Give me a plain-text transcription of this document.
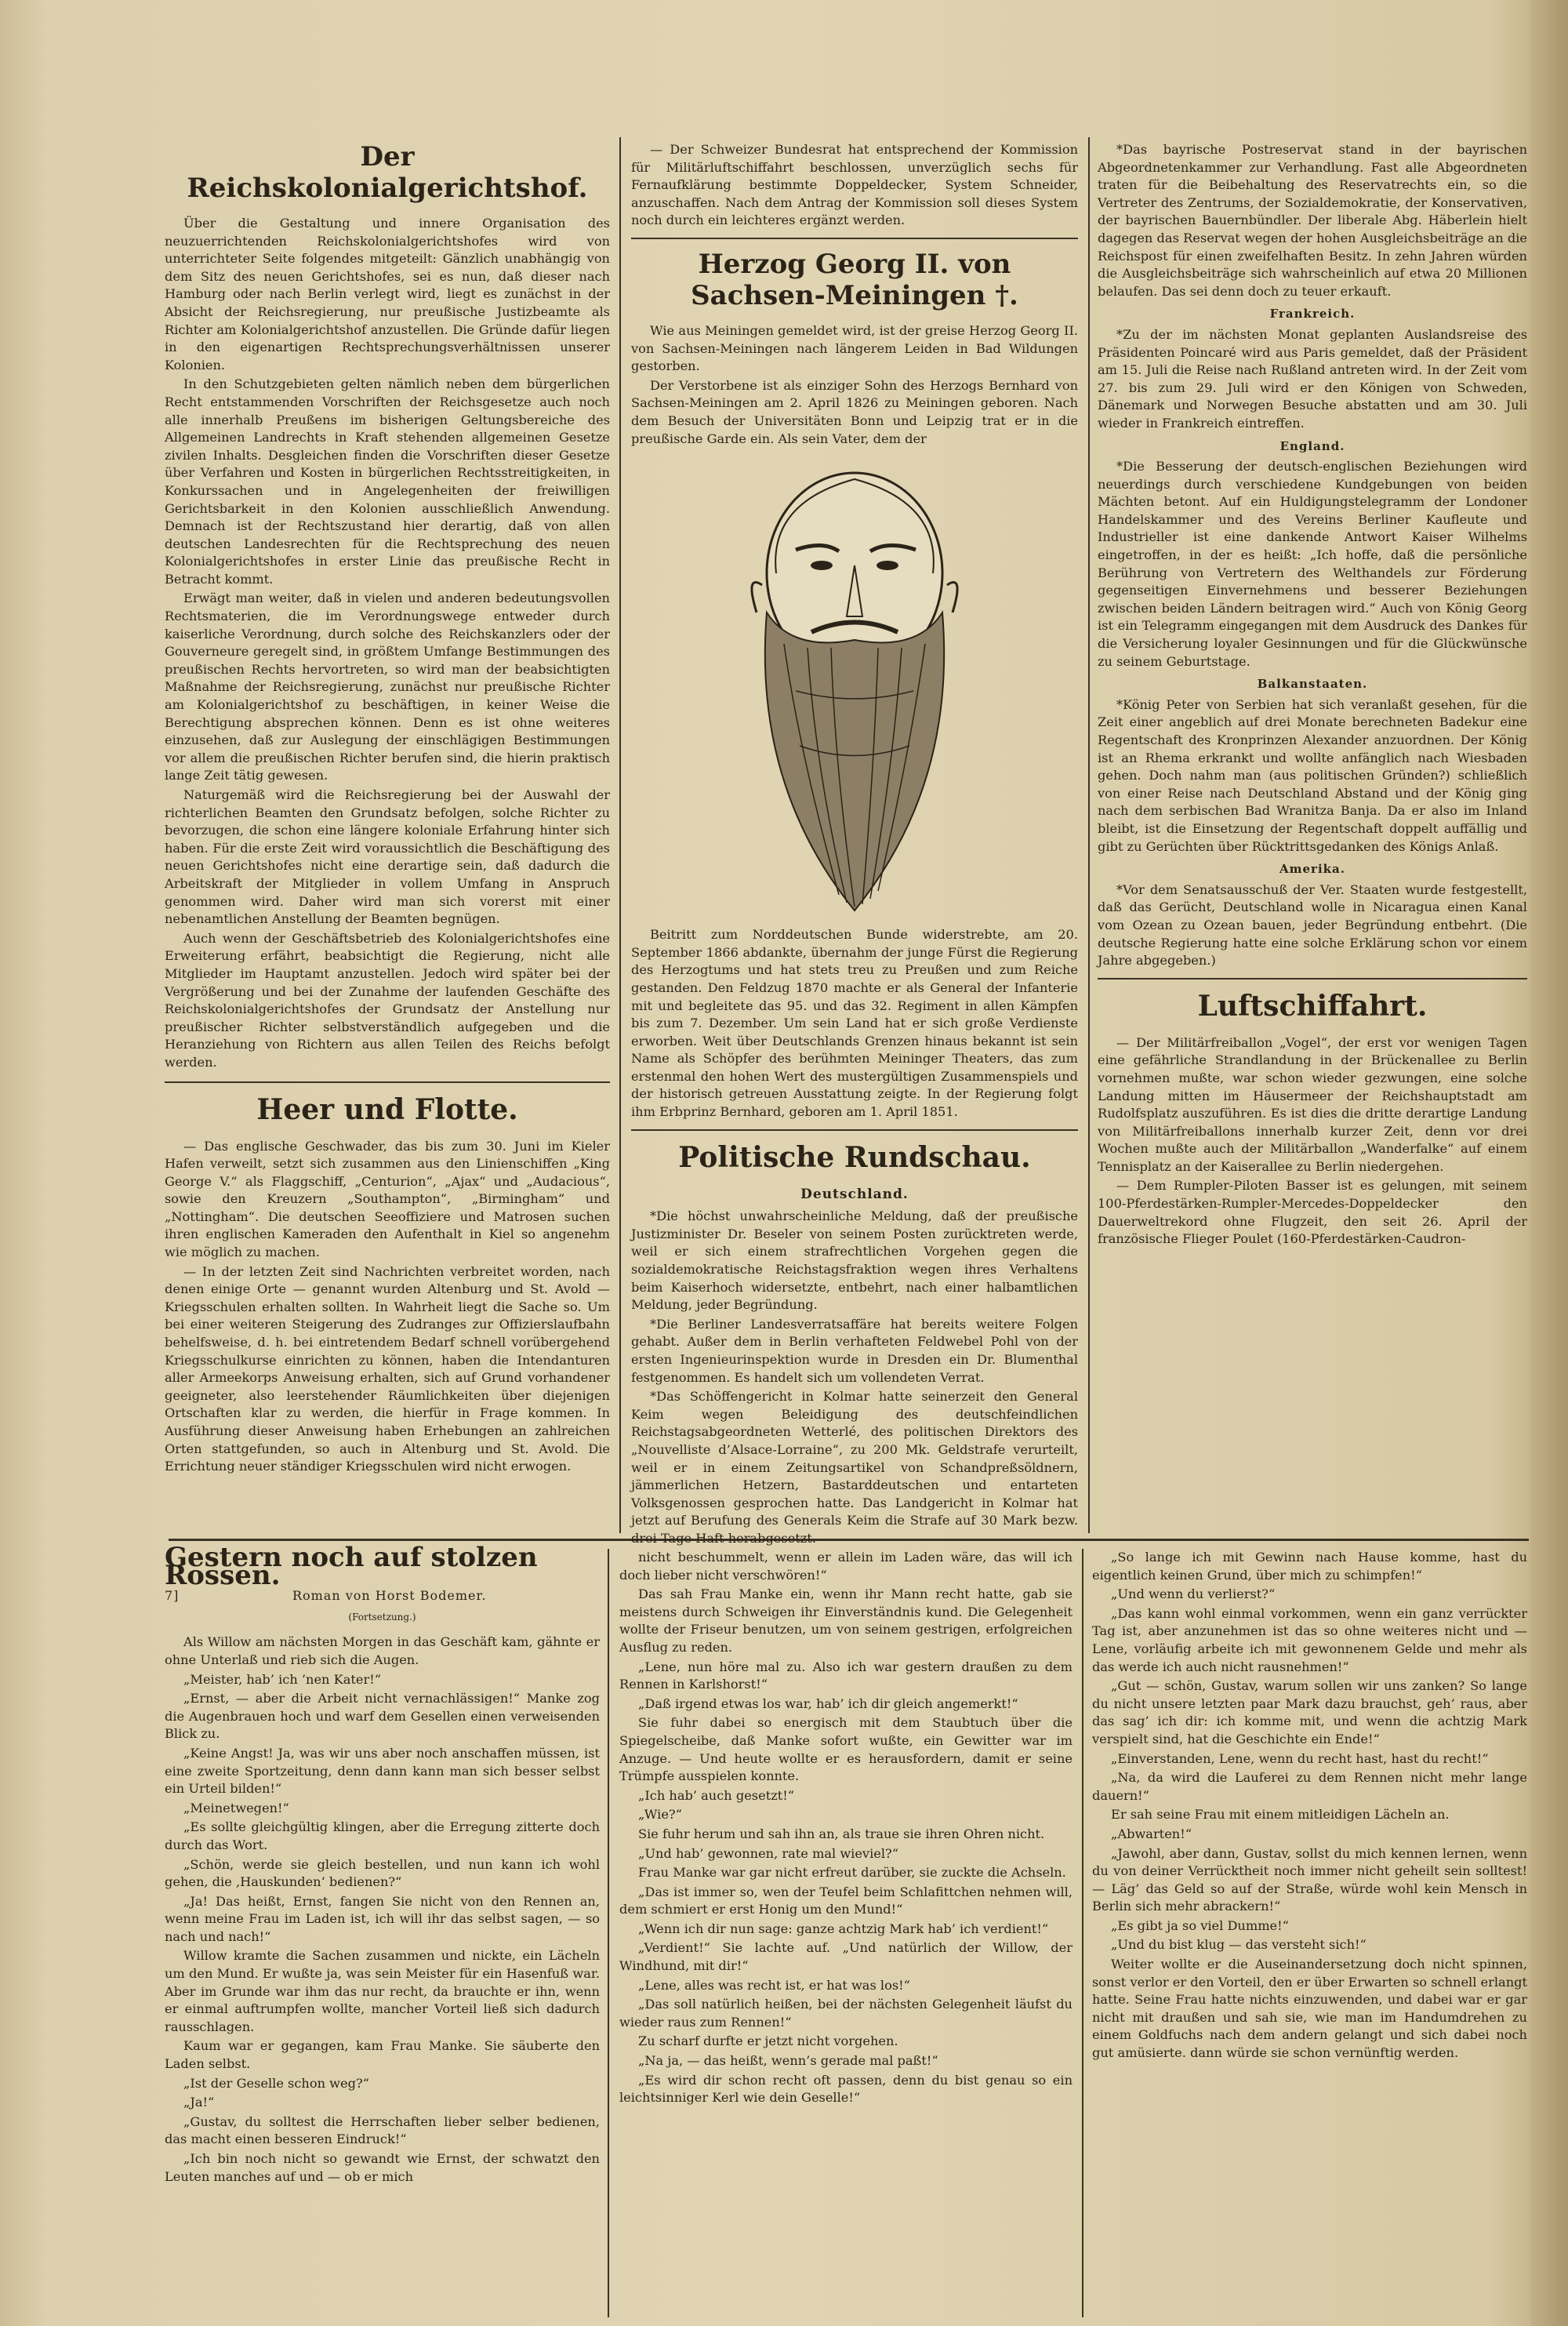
Der Reichskolonialgerichtshof.

Über die Gestaltung und innere Organisation des neuzuerrichtenden Reichskolonialgerichtshofes wird von unterrichteter Seite folgendes mitgeteilt: Gänzlich unabhängig von dem Sitz des neuen Gerichtshofes, sei es nun, daß dieser nach Hamburg oder nach Berlin verlegt wird, liegt es zunächst in der Absicht der Reichsregierung, nur preußische Justizbeamte als Richter am Kolonialgerichtshof anzustellen. Die Gründe dafür liegen in den eigenartigen Rechtsprechungsverhältnissen unserer Kolonien.

In den Schutzgebieten gelten nämlich neben dem bürgerlichen Recht entstammenden Vorschriften der Reichsgesetze auch noch alle innerhalb Preußens im bisherigen Geltungsbereiche des Allgemeinen Landrechts in Kraft stehenden allgemeinen Gesetze zivilen Inhalts. Desgleichen finden die Vorschriften dieser Gesetze über Verfahren und Kosten in bürgerlichen Rechtsstreitigkeiten, in Konkurssachen und in Angelegenheiten der freiwilligen Gerichtsbarkeit in den Kolonien ausschließlich Anwendung. Demnach ist der Rechtszustand hier derartig, daß von allen deutschen Landesrechten für die Rechtsprechung des neuen Kolonialgerichtshofes in erster Linie das preußische Recht in Betracht kommt.

Erwägt man weiter, daß in vielen und anderen bedeutungsvollen Rechtsmaterien, die im Verordnungswege entweder durch kaiserliche Verordnung, durch solche des Reichskanzlers oder der Gouverneure geregelt sind, in größtem Umfange Bestimmungen des preußischen Rechts hervortreten, so wird man der beabsichtigten Maßnahme der Reichsregierung, zunächst nur preußische Richter am Kolonialgerichtshof zu beschäftigen, in keiner Weise die Berechtigung absprechen können. Denn es ist ohne weiteres einzusehen, daß zur Auslegung der einschlägigen Bestimmungen vor allem die preußischen Richter berufen sind, die hierin praktisch lange Zeit tätig gewesen.

Naturgemäß wird die Reichsregierung bei der Auswahl der richterlichen Beamten den Grundsatz befolgen, solche Richter zu bevorzugen, die schon eine längere koloniale Erfahrung hinter sich haben. Für die erste Zeit wird voraussichtlich die Beschäftigung des neuen Gerichtshofes nicht eine derartige sein, daß dadurch die Arbeitskraft der Mitglieder in vollem Umfang in Anspruch genommen wird. Daher wird man sich vorerst mit einer nebenamtlichen Anstellung der Beamten begnügen.

Auch wenn der Geschäftsbetrieb des Kolonialgerichtshofes eine Erweiterung erfährt, beabsichtigt die Regierung, nicht alle Mitglieder im Hauptamt anzustellen. Jedoch wird später bei der Vergrößerung und bei der Zunahme der laufenden Geschäfte des Reichskolonialgerichtshofes der Grundsatz der Anstellung nur preußischer Richter selbstverständlich aufgegeben und die Heranziehung von Richtern aus allen Teilen des Reichs befolgt werden.

Heer und Flotte.

— Das englische Geschwader, das bis zum 30. Juni im Kieler Hafen verweilt, setzt sich zusammen aus den Linienschiffen „King George V.“ als Flaggschiff, „Centurion“, „Ajax“ und „Audacious“, sowie den Kreuzern „Southampton“, „Birmingham“ und „Nottingham“. Die deutschen Seeoffiziere und Matrosen suchen ihren englischen Kameraden den Aufenthalt in Kiel so angenehm wie möglich zu machen.

— In der letzten Zeit sind Nachrichten verbreitet worden, nach denen einige Orte — genannt wurden Altenburg und St. Avold — Kriegsschulen erhalten sollten. In Wahrheit liegt die Sache so. Um bei einer weiteren Steigerung des Zudranges zur Offizierslaufbahn behelfsweise, d. h. bei eintretendem Bedarf schnell vorübergehend Kriegsschulkurse einrichten zu können, haben die Intendanturen aller Armeekorps Anweisung erhalten, sich auf Grund vorhandener geeigneter, also leerstehender Räumlichkeiten über diejenigen Ortschaften klar zu werden, die hierfür in Frage kommen. In Ausführung dieser Anweisung haben Erhebungen an zahlreichen Orten stattgefunden, so auch in Altenburg und St. Avold. Die Errichtung neuer ständiger Kriegsschulen wird nicht erwogen.

— Der Schweizer Bundesrat hat entsprechend der Kommission für Militärluftschiffahrt beschlossen, unverzüglich sechs für Fernaufklärung bestimmte Doppeldecker, System Schneider, anzuschaffen. Nach dem Antrag der Kommission soll dieses System noch durch ein leichteres ergänzt werden.

Herzog Georg II. von Sachsen-Meiningen †.

Wie aus Meiningen gemeldet wird, ist der greise Herzog Georg II. von Sachsen-Meiningen nach längerem Leiden in Bad Wildungen gestorben.

Der Verstorbene ist als einziger Sohn des Herzogs Bernhard von Sachsen-Meiningen am 2. April 1826 zu Meiningen geboren. Nach dem Besuch der Universitäten Bonn und Leipzig trat er in die preußische Garde ein. Als sein Vater, dem der

Beitritt zum Norddeutschen Bunde widerstrebte, am 20. September 1866 abdankte, übernahm der junge Fürst die Regierung des Herzogtums und hat stets treu zu Preußen und zum Reiche gestanden. Den Feldzug 1870 machte er als General der Infanterie mit und begleitete das 95. und das 32. Regiment in allen Kämpfen bis zum 7. Dezember. Um sein Land hat er sich große Verdienste erworben. Weit über Deutschlands Grenzen hinaus bekannt ist sein Name als Schöpfer des berühmten Meininger Theaters, das zum erstenmal den hohen Wert des mustergültigen Zusammenspiels und der historisch getreuen Ausstattung zeigte. In der Regierung folgt ihm Erbprinz Bernhard, geboren am 1. April 1851.

Politische Rundschau.
Deutschland.

*Die höchst unwahrscheinliche Meldung, daß der preußische Justizminister Dr. Beseler von seinem Posten zurücktreten werde, weil er sich einem strafrechtlichen Vorgehen gegen die sozialdemokratische Reichstagsfraktion wegen ihres Verhaltens beim Kaiserhoch widersetzte, entbehrt, nach einer halbamtlichen Meldung, jeder Begründung.

*Die Berliner Landesverratsaffäre hat bereits weitere Folgen gehabt. Außer dem in Berlin verhafteten Feldwebel Pohl von der ersten Ingenieurinspektion wurde in Dresden ein Dr. Blumenthal festgenommen. Es handelt sich um vollendeten Verrat.

*Das Schöffengericht in Kolmar hatte seinerzeit den General Keim wegen Beleidigung des deutschfeindlichen Reichstagsabgeordneten Wetterlé, des politischen Direktors des „Nouvelliste d’Alsace-Lorraine“, zu 200 Mk. Geldstrafe verurteilt, weil er in einem Zeitungsartikel von Schandpreßsöldnern, jämmerlichen Hetzern, Bastarddeutschen und entarteten Volksgenossen gesprochen hatte. Das Landgericht in Kolmar hat jetzt auf Berufung des Generals Keim die Strafe auf 30 Mark bezw. drei Tage Haft herabgesetzt.

*Das bayrische Postreservat stand in der bayrischen Abgeordnetenkammer zur Verhandlung. Fast alle Abgeordneten traten für die Beibehaltung des Reservatrechts ein, so die Vertreter des Zentrums, der Sozialdemokratie, der Konservativen, der bayrischen Bauernbündler. Der liberale Abg. Häberlein hielt dagegen das Reservat wegen der hohen Ausgleichsbeiträge an die Reichspost für einen zweifelhaften Besitz. In zehn Jahren würden die Ausgleichsbeiträge sich wahrscheinlich auf etwa 20 Millionen belaufen. Das sei denn doch zu teuer erkauft.

Frankreich.

*Zu der im nächsten Monat geplanten Auslandsreise des Präsidenten Poincaré wird aus Paris gemeldet, daß der Präsident am 15. Juli die Reise nach Rußland antreten wird. In der Zeit vom 27. bis zum 29. Juli wird er den Königen von Schweden, Dänemark und Norwegen Besuche abstatten und am 30. Juli wieder in Frankreich eintreffen.

England.

*Die Besserung der deutsch-englischen Beziehungen wird neuerdings durch verschiedene Kundgebungen von beiden Mächten betont. Auf ein Huldigungstelegramm der Londoner Handelskammer und des Vereins Berliner Kaufleute und Industrieller ist eine dankende Antwort Kaiser Wilhelms eingetroffen, in der es heißt: „Ich hoffe, daß die persönliche Berührung von Vertretern des Welthandels zur Förderung gegenseitigen Einvernehmens und besserer Beziehungen zwischen beiden Ländern beitragen wird.“ Auch von König Georg ist ein Telegramm eingegangen mit dem Ausdruck des Dankes für die Versicherung loyaler Gesinnungen und für die Glückwünsche zu seinem Geburtstage.

Balkanstaaten.

*König Peter von Serbien hat sich veranlaßt gesehen, für die Zeit einer angeblich auf drei Monate berechneten Badekur eine Regentschaft des Kronprinzen Alexander anzuordnen. Der König ist an Rhema erkrankt und wollte anfänglich nach Wiesbaden gehen. Doch nahm man (aus politischen Gründen?) schließlich von einer Reise nach Deutschland Abstand und der König ging nach dem serbischen Bad Wranitza Banja. Da er also im Inland bleibt, ist die Einsetzung der Regentschaft doppelt auffällig und gibt zu Gerüchten über Rücktrittsgedanken des Königs Anlaß.

Amerika.

*Vor dem Senatsausschuß der Ver. Staaten wurde festgestellt, daß das Gerücht, Deutschland wolle in Nicaragua einen Kanal vom Ozean zu Ozean bauen, jeder Begründung entbehrt. (Die deutsche Regierung hatte eine solche Erklärung schon vor einem Jahre abgegeben.)

Luftschiffahrt.

— Der Militärfreiballon „Vogel“, der erst vor wenigen Tagen eine gefährliche Strandlandung in der Brückenallee zu Berlin vornehmen mußte, war schon wieder gezwungen, eine solche Landung mitten im Häusermeer der Reichshauptstadt am Rudolfsplatz auszuführen. Es ist dies die dritte derartige Landung von Militärfreiballons innerhalb kurzer Zeit, denn vor drei Wochen mußte auch der Militärballon „Wanderfalke“ auf einem Tennisplatz an der Kaiserallee zu Berlin niedergehen.

— Dem Rumpler-Piloten Basser ist es gelungen, mit seinem 100-Pferdestärken-Rumpler-Mercedes-Doppeldecker den Dauerweltrekord ohne Flugzeit, den seit 26. April der französische Flieger Poulet (160-Pferdestärken-Caudron-

Gestern noch auf stolzen Rossen.
7]	Roman von Horst Bodemer.
(Fortsetzung.)

Als Willow am nächsten Morgen in das Geschäft kam, gähnte er ohne Unterlaß und rieb sich die Augen.

„Meister, hab’ ich ’nen Kater!“

„Ernst, — aber die Arbeit nicht vernachlässigen!“ Manke zog die Augenbrauen hoch und warf dem Gesellen einen verweisenden Blick zu.

„Keine Angst! Ja, was wir uns aber noch anschaffen müssen, ist eine zweite Sportzeitung, denn dann kann man sich besser selbst ein Urteil bilden!“

„Meinetwegen!“

„Es sollte gleichgültig klingen, aber die Erregung zitterte doch durch das Wort.

„Schön, werde sie gleich bestellen, und nun kann ich wohl gehen, die ‚Hauskunden‘ bedienen?“

„Ja! Das heißt, Ernst, fangen Sie nicht von den Rennen an, wenn meine Frau im Laden ist, ich will ihr das selbst sagen, — so nach und nach!“

Willow kramte die Sachen zusammen und nickte, ein Lächeln um den Mund. Er wußte ja, was sein Meister für ein Hasenfuß war. Aber im Grunde war ihm das nur recht, da brauchte er ihn, wenn er einmal auftrumpfen wollte, mancher Vorteil ließ sich dadurch rausschlagen.

Kaum war er gegangen, kam Frau Manke. Sie säuberte den Laden selbst.

„Ist der Geselle schon weg?“

„Ja!“

„Gustav, du solltest die Herrschaften lieber selber bedienen, das macht einen besseren Eindruck!“

„Ich bin noch nicht so gewandt wie Ernst, der schwatzt den Leuten manches auf und — ob er mich

nicht beschummelt, wenn er allein im Laden wäre, das will ich doch lieber nicht verschwören!“

Das sah Frau Manke ein, wenn ihr Mann recht hatte, gab sie meistens durch Schweigen ihr Einverständnis kund. Die Gelegenheit wollte der Friseur benutzen, um von seinem gestrigen, erfolgreichen Ausflug zu reden.

„Lene, nun höre mal zu. Also ich war gestern draußen zu dem Rennen in Karlshorst!“

„Daß irgend etwas los war, hab’ ich dir gleich angemerkt!“

Sie fuhr dabei so energisch mit dem Staubtuch über die Spiegelscheibe, daß Manke sofort wußte, ein Gewitter war im Anzuge. — Und heute wollte er es herausfordern, damit er seine Trümpfe ausspielen konnte.

„Ich hab’ auch gesetzt!“

„Wie?“

Sie fuhr herum und sah ihn an, als traue sie ihren Ohren nicht.

„Und hab’ gewonnen, rate mal wieviel?“

Frau Manke war gar nicht erfreut darüber, sie zuckte die Achseln.

„Das ist immer so, wen der Teufel beim Schlafittchen nehmen will, dem schmiert er erst Honig um den Mund!“

„Wenn ich dir nun sage: ganze achtzig Mark hab’ ich verdient!“

„Verdient!“ Sie lachte auf. „Und natürlich der Willow, der Windhund, mit dir!“

„Lene, alles was recht ist, er hat was los!“

„Das soll natürlich heißen, bei der nächsten Gelegenheit läufst du wieder raus zum Rennen!“

Zu scharf durfte er jetzt nicht vorgehen.

„Na ja, — das heißt, wenn’s gerade mal paßt!“

„Es wird dir schon recht oft passen, denn du bist genau so ein leichtsinniger Kerl wie dein Geselle!“

„So lange ich mit Gewinn nach Hause komme, hast du eigentlich keinen Grund, über mich zu schimpfen!“

„Und wenn du verlierst?“

„Das kann wohl einmal vorkommen, wenn ein ganz verrückter Tag ist, aber anzunehmen ist das so ohne weiteres nicht und — Lene, vorläufig arbeite ich mit gewonnenem Gelde und mehr als das werde ich auch nicht rausnehmen!“

„Gut — schön, Gustav, warum sollen wir uns zanken? So lange du nicht unsere letzten paar Mark dazu brauchst, geh’ raus, aber das sag’ ich dir: ich komme mit, und wenn die achtzig Mark verspielt sind, hat die Geschichte ein Ende!“

„Einverstanden, Lene, wenn du recht hast, hast du recht!“

„Na, da wird die Lauferei zu dem Rennen nicht mehr lange dauern!“

Er sah seine Frau mit einem mitleidigen Lächeln an.

„Abwarten!“

„Jawohl, aber dann, Gustav, sollst du mich kennen lernen, wenn du von deiner Verrücktheit noch immer nicht geheilt sein solltest! — Läg’ das Geld so auf der Straße, würde wohl kein Mensch in Berlin sich mehr abrackern!“

„Es gibt ja so viel Dumme!“

„Und du bist klug — das versteht sich!“

Weiter wollte er die Auseinandersetzung doch nicht spinnen, sonst verlor er den Vorteil, den er über Erwarten so schnell erlangt hatte. Seine Frau hatte nichts einzuwenden, und dabei war er gar nicht mit draußen und sah sie, wie man im Handumdrehen zu einem Goldfuchs nach dem andern gelangt und sich dabei noch gut amüsierte. dann würde sie schon vernünftig werden.
